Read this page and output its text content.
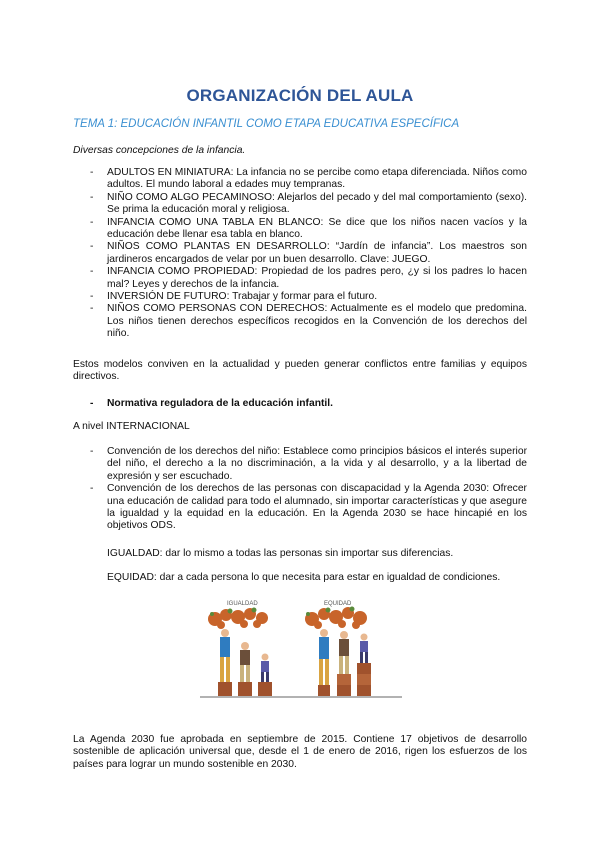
ORGANIZACIÓN DEL AULA

TEMA 1: EDUCACIÓN INFANTIL COMO ETAPA EDUCATIVA ESPECÍFICA

Diversas concepciones de la infancia.

- ADULTOS EN MINIATURA: La infancia no se percibe como etapa diferenciada. Niños como adultos. El mundo laboral a edades muy tempranas.
- NIÑO COMO ALGO PECAMINOSO: Alejarlos del pecado y del mal comportamiento (sexo). Se prima la educación moral y religiosa.
- INFANCIA COMO UNA TABLA EN BLANCO: Se dice que los niños nacen vacíos y la educación debe llenar esa tabla en blanco.
- NIÑOS COMO PLANTAS EN DESARROLLO: “Jardín de infancia”. Los maestros son jardineros encargados de velar por un buen desarrollo. Clave: JUEGO.
- INFANCIA COMO PROPIEDAD: Propiedad de los padres pero, ¿y si los padres lo hacen mal? Leyes y derechos de la infancia.
- INVERSIÓN DE FUTURO: Trabajar y formar para el futuro.
- NIÑOS COMO PERSONAS CON DERECHOS: Actualmente es el modelo que predomina. Los niños tienen derechos específicos recogidos en la Convención de los derechos del niño.

Estos modelos conviven en la actualidad y pueden generar conflictos entre familias y equipos directivos.

- Normativa reguladora de la educación infantil.

A nivel INTERNACIONAL

- Convención de los derechos del niño: Establece como principios básicos el interés superior del niño, el derecho a la no discriminación, a la vida y al desarrollo, y a la libertad de expresión y ser escuchado.
- Convención de los derechos de las personas con discapacidad y la Agenda 2030: Ofrecer una educación de calidad para todo el alumnado, sin importar características y que asegure la igualdad y la equidad en la educación. En la Agenda 2030 se hace hincapié en los objetivos ODS.

IGUALDAD: dar lo mismo a todas las personas sin importar sus diferencias.

EQUIDAD: dar a cada persona lo que necesita para estar en igualdad de condiciones.

IGUALDAD	EQUIDAD

La Agenda 2030 fue aprobada en septiembre de 2015. Contiene 17 objetivos de desarrollo sostenible de aplicación universal que, desde el 1 de enero de 2016, rigen los esfuerzos de los países para lograr un mundo sostenible en 2030.
